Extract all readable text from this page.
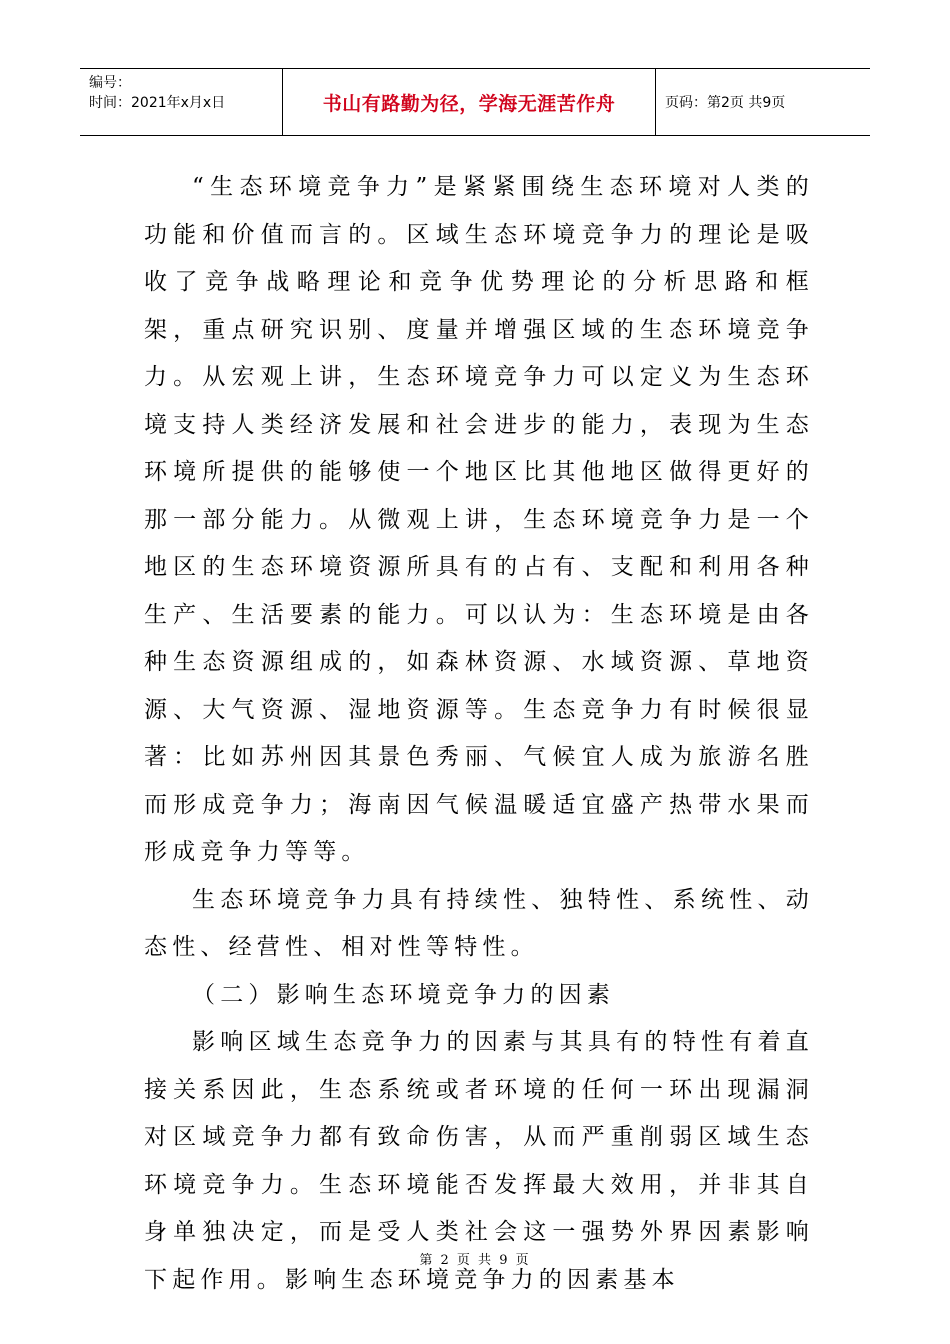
编号：
时间：2021年x月x日	书山有路勤为径，学海无涯苦作舟	页码：第2页 共9页

“生态环境竞争力”是紧紧围绕生态环境对人类的功能和价值而言的。区域生态环境竞争力的理论是吸收了竞争战略理论和竞争优势理论的分析思路和框架，重点研究识别、度量并增强区域的生态环境竞争力。从宏观上讲，生态环境竞争力可以定义为生态环境支持人类经济发展和社会进步的能力，表现为生态环境所提供的能够使一个地区比其他地区做得更好的那一部分能力。从微观上讲，生态环境竞争力是一个地区的生态环境资源所具有的占有、支配和利用各种生产、生活要素的能力。可以认为：生态环境是由各种生态资源组成的，如森林资源、水域资源、草地资源、大气资源、湿地资源等。生态竞争力有时候很显著：比如苏州因其景色秀丽、气候宜人成为旅游名胜而形成竞争力；海南因气候温暖适宜盛产热带水果而形成竞争力等等。

生态环境竞争力具有持续性、独特性、系统性、动态性、经营性、相对性等特性。

（二）影响生态环境竞争力的因素

影响区域生态竞争力的因素与其具有的特性有着直接关系因此，生态系统或者环境的任何一环出现漏洞对区域竞争力都有致命伤害，从而严重削弱区域生态环境竞争力。生态环境能否发挥最大效用，并非其自身单独决定，而是受人类社会这一强势外界因素影响下起作用。影响生态环境竞争力的因素基本

第 2 页 共 9 页
